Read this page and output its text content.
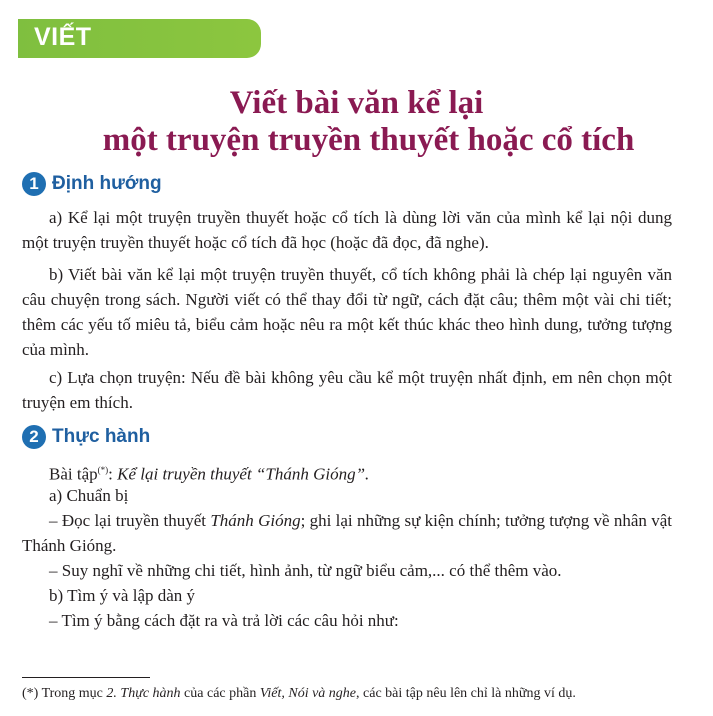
VIẾT
Viết bài văn kể lại
một truyện truyền thuyết hoặc cổ tích
1 Định hướng

a) Kể lại một truyện truyền thuyết hoặc cổ tích là dùng lời văn của mình kể lại nội dung một truyện truyền thuyết hoặc cổ tích đã học (hoặc đã đọc, đã nghe).

b) Viết bài văn kể lại một truyện truyền thuyết, cổ tích không phải là chép lại nguyên văn câu chuyện trong sách. Người viết có thể thay đổi từ ngữ, cách đặt câu; thêm một vài chi tiết; thêm các yếu tố miêu tả, biểu cảm hoặc nêu ra một kết thúc khác theo hình dung, tưởng tượng của mình.

c) Lựa chọn truyện: Nếu đề bài không yêu cầu kể một truyện nhất định, em nên chọn một truyện em thích.

2 Thực hành

Bài tập(*): Kể lại truyền thuyết “Thánh Gióng”.

a) Chuẩn bị

– Đọc lại truyền thuyết Thánh Gióng; ghi lại những sự kiện chính; tưởng tượng về nhân vật Thánh Gióng.

– Suy nghĩ về những chi tiết, hình ảnh, từ ngữ biểu cảm,... có thể thêm vào.

b) Tìm ý và lập dàn ý

– Tìm ý bằng cách đặt ra và trả lời các câu hỏi như:

(*) Trong mục 2. Thực hành của các phần Viết, Nói và nghe, các bài tập nêu lên chỉ là những ví dụ.
